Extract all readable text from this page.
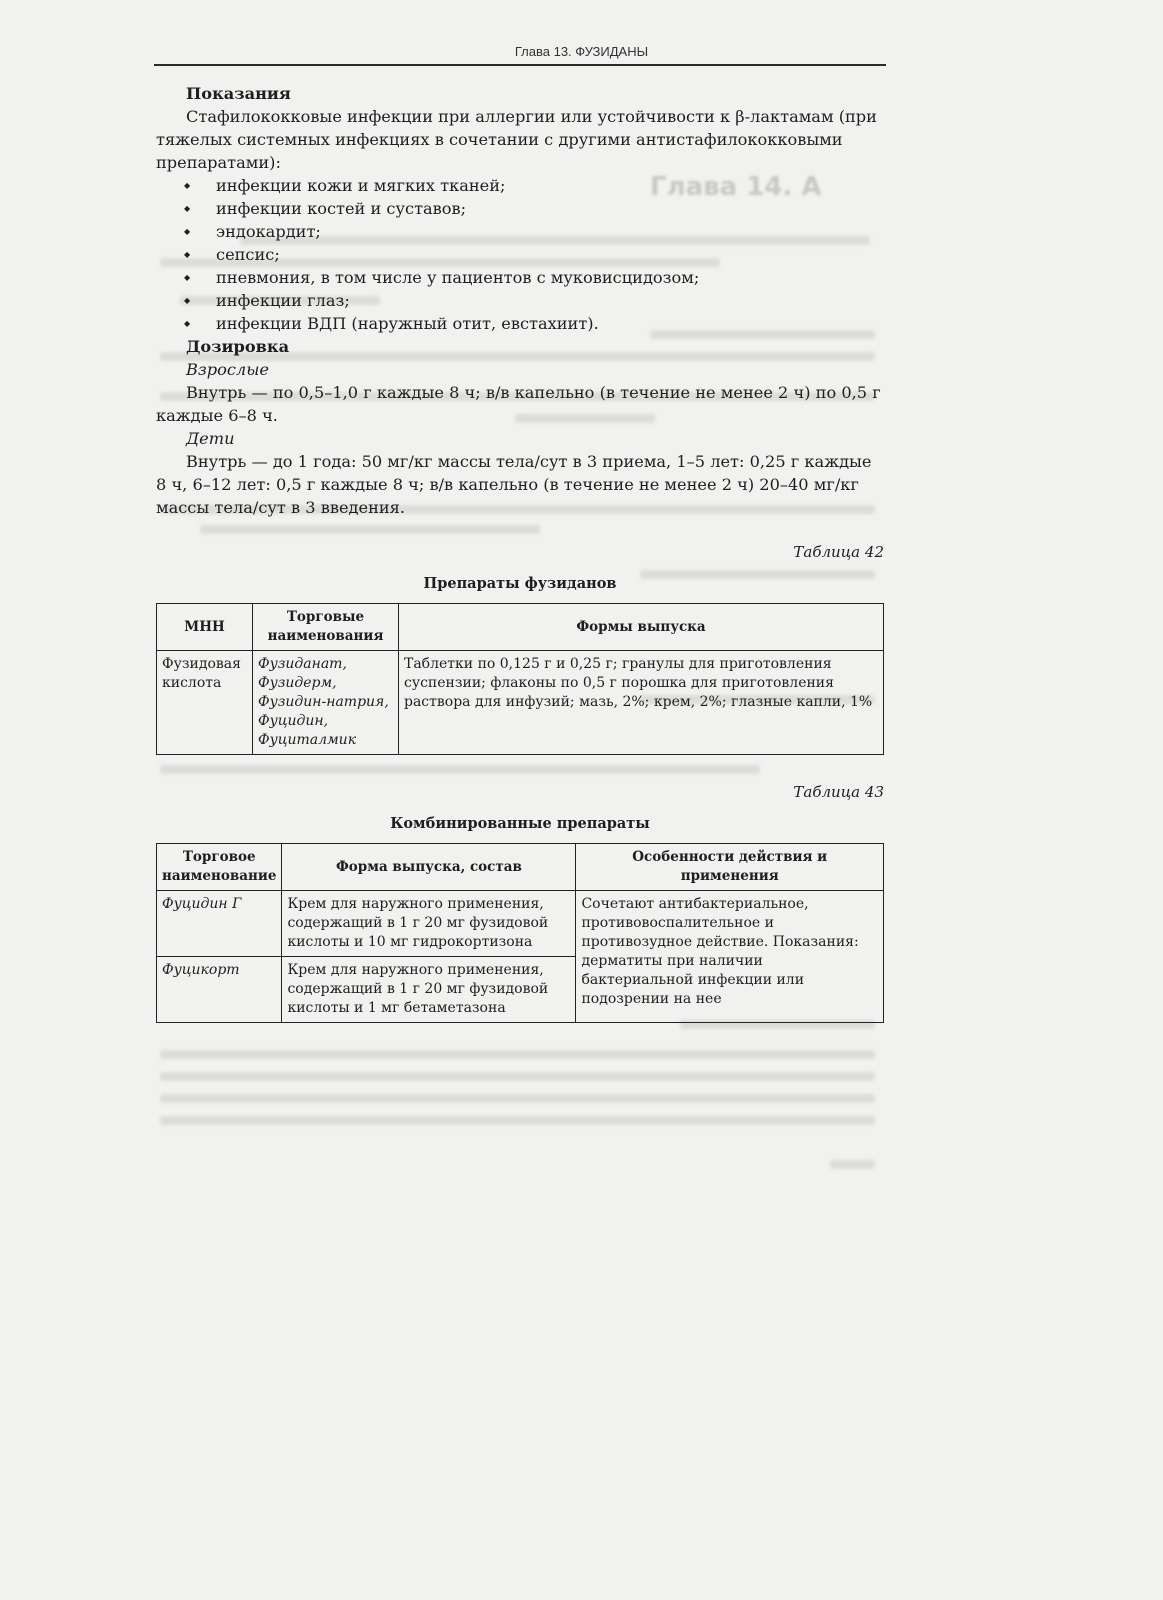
Глава 14. А
Глава 13. ФУЗИДАНЫ

Показания

Стафилококковые инфекции при аллергии или устойчивости к β-лактамам (при тяжелых системных инфекциях в сочетании с другими антистафилококковыми препаратами):

◆ инфекции кожи и мягких тканей;
◆ инфекции костей и суставов;
◆ эндокардит;
◆ сепсис;
◆ пневмония, в том числе у пациентов с муковисцидозом;
◆ инфекции глаз;
◆ инфекции ВДП (наружный отит, евстахиит).

Дозировка

Взрослые

Внутрь — по 0,5–1,0 г каждые 8 ч; в/в капельно (в течение не менее 2 ч) по 0,5 г каждые 6–8 ч.

Дети

Внутрь — до 1 года: 50 мг/кг массы тела/сут в 3 приема, 1–5 лет: 0,25 г каждые 8 ч, 6–12 лет: 0,5 г каждые 8 ч; в/в капельно (в течение не менее 2 ч) 20–40 мг/кг массы тела/сут в 3 введения.

Таблица 42
Препараты фузиданов
МНН	Торговые наименования	Формы выпуска
Фузидовая кислота	Фузиданат,
Фузидерм,
Фузидин-натрия,
Фуцидин,
Фуциталмик	Таблетки по 0,125 г и 0,25 г; гранулы для приготовления суспензии; флаконы по 0,5 г порошка для приготовления раствора для инфузий; мазь, 2%; крем, 2%; глазные капли, 1%
Таблица 43
Комбинированные препараты
Торговое наименование	Форма выпуска, состав	Особенности действия и применения
Фуцидин Г	Крем для наружного применения, содержащий в 1 г 20 мг фузидовой кислоты и 10 мг гидрокортизона	Сочетают антибактериальное, противовоспалительное и противозудное действие. Показания: дерматиты при наличии бактериальной инфекции или подозрении на нее
Фуцикорт	Крем для наружного применения, содержащий в 1 г 20 мг фузидовой кислоты и 1 мг бетаметазона	
